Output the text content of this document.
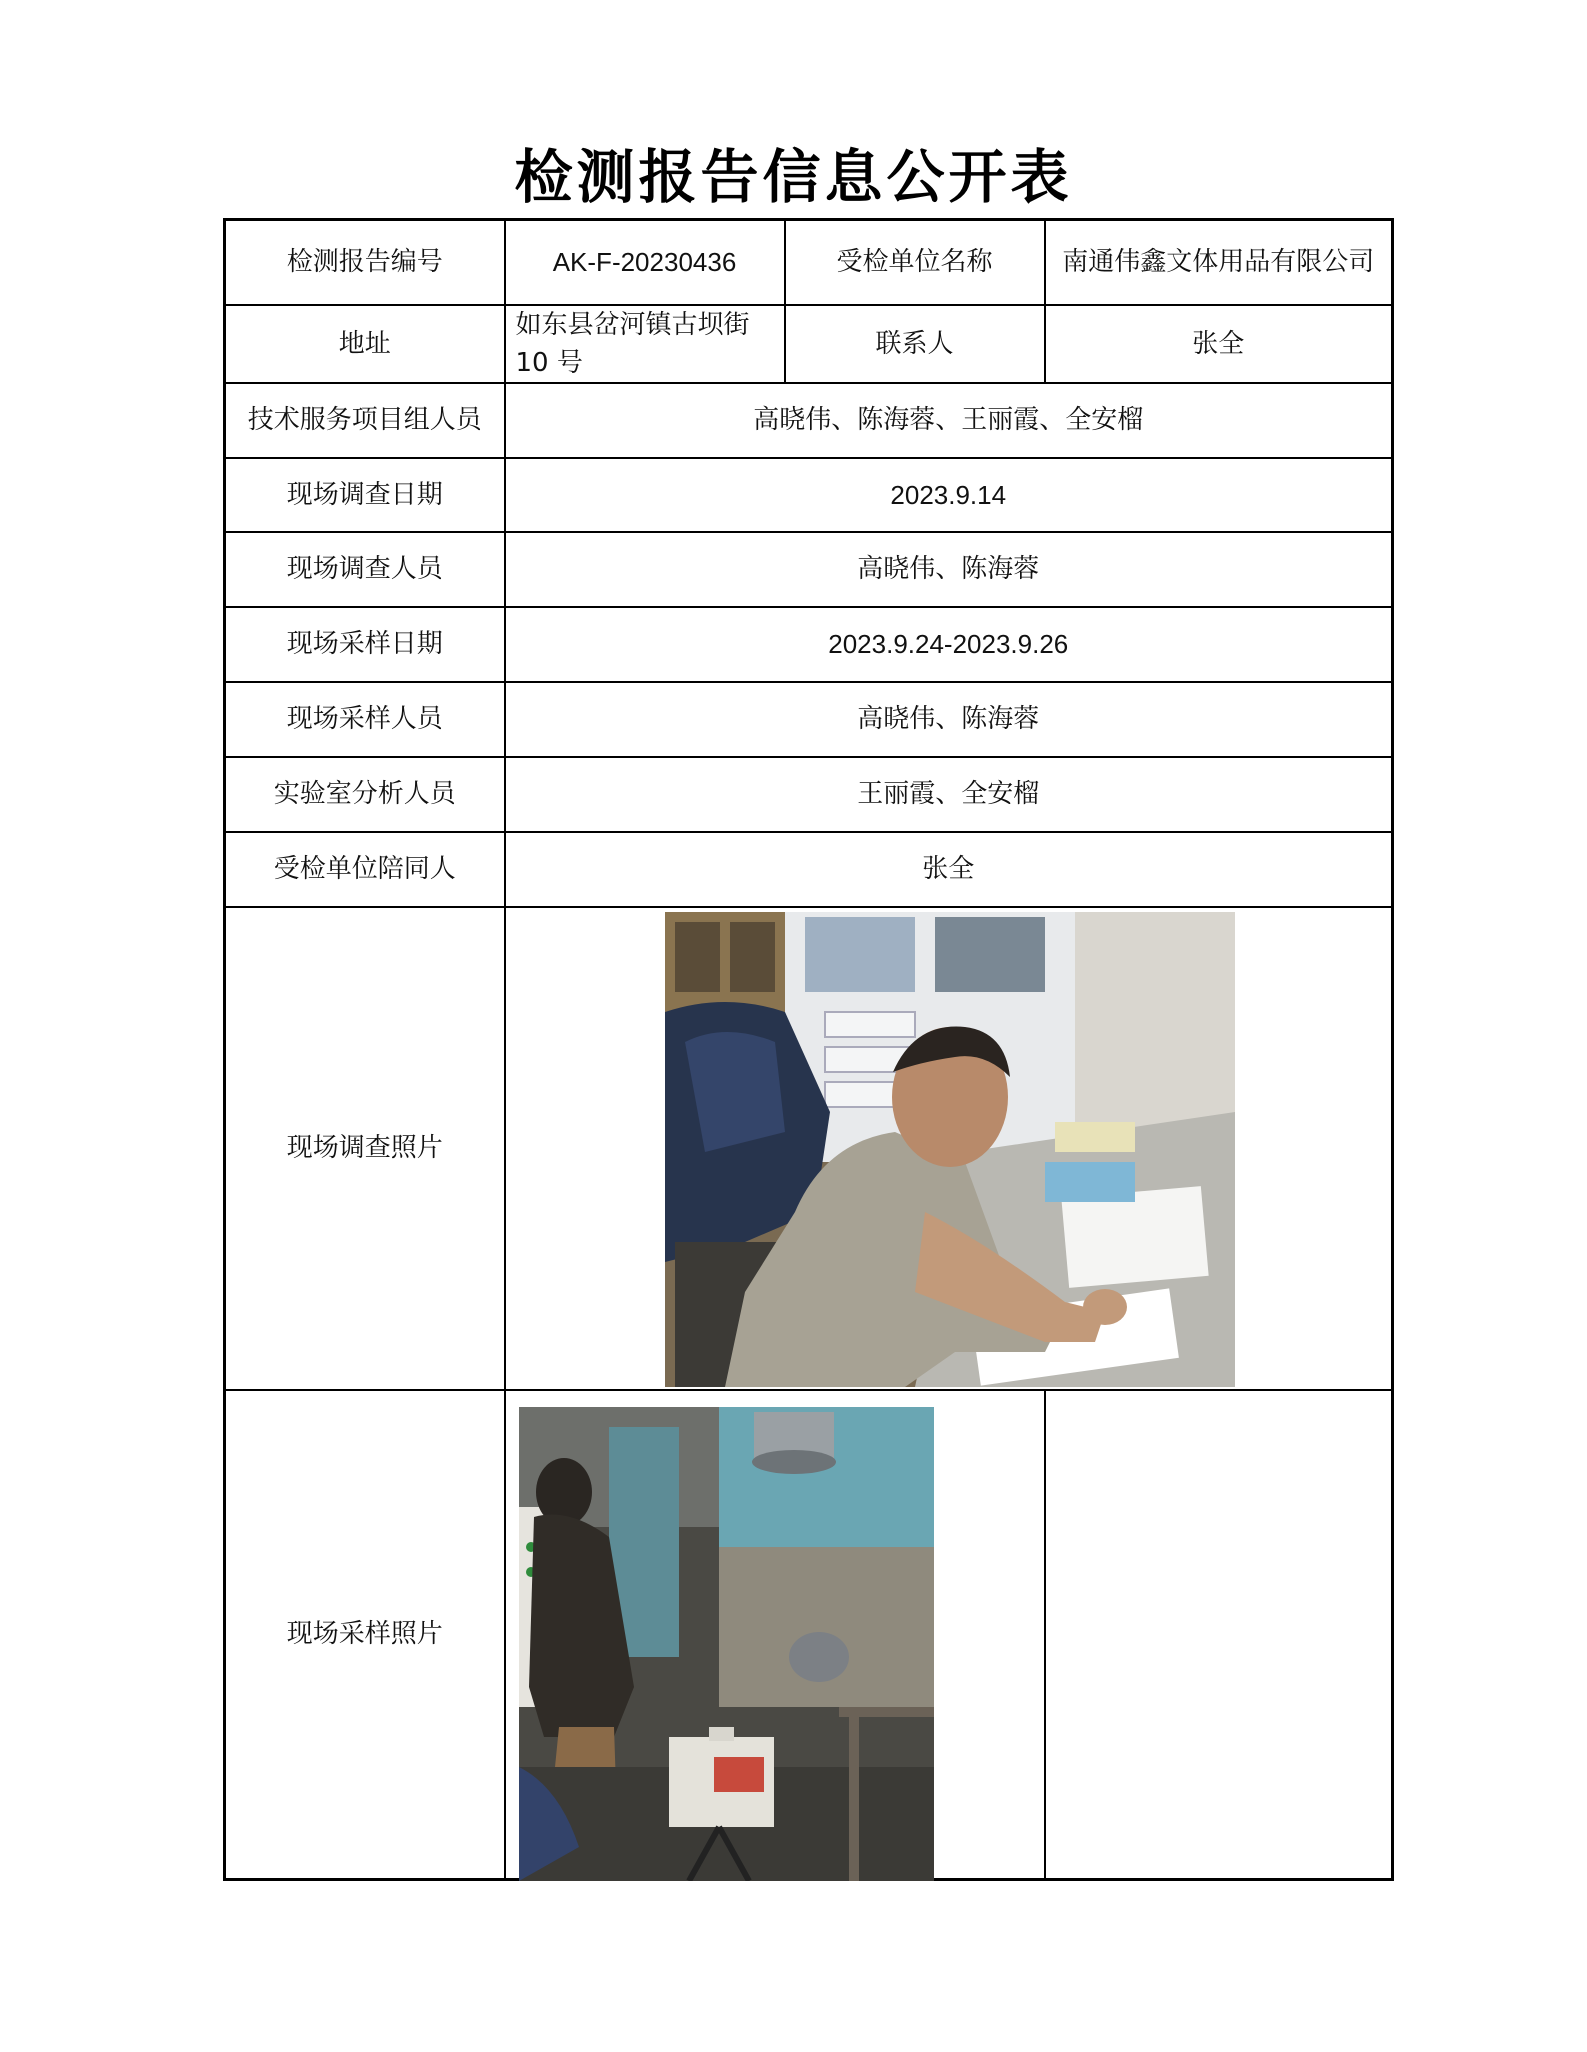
检测报告信息公开表
检测报告编号	AK-F-20230436	受检单位名称	南通伟鑫文体用品有限公司
地址	如东县岔河镇古坝街10 号	联系人	张全
技术服务项目组人员	高晓伟、陈海蓉、王丽霞、全安榴		
现场调查日期	2023.9.14		
现场调查人员	高晓伟、陈海蓉		
现场采样日期	2023.9.24-2023.9.26		
现场采样人员	高晓伟、陈海蓉		
实验室分析人员	王丽霞、全安榴		
受检单位陪同人	张全		
现场调查照片	

现场采样照片	
